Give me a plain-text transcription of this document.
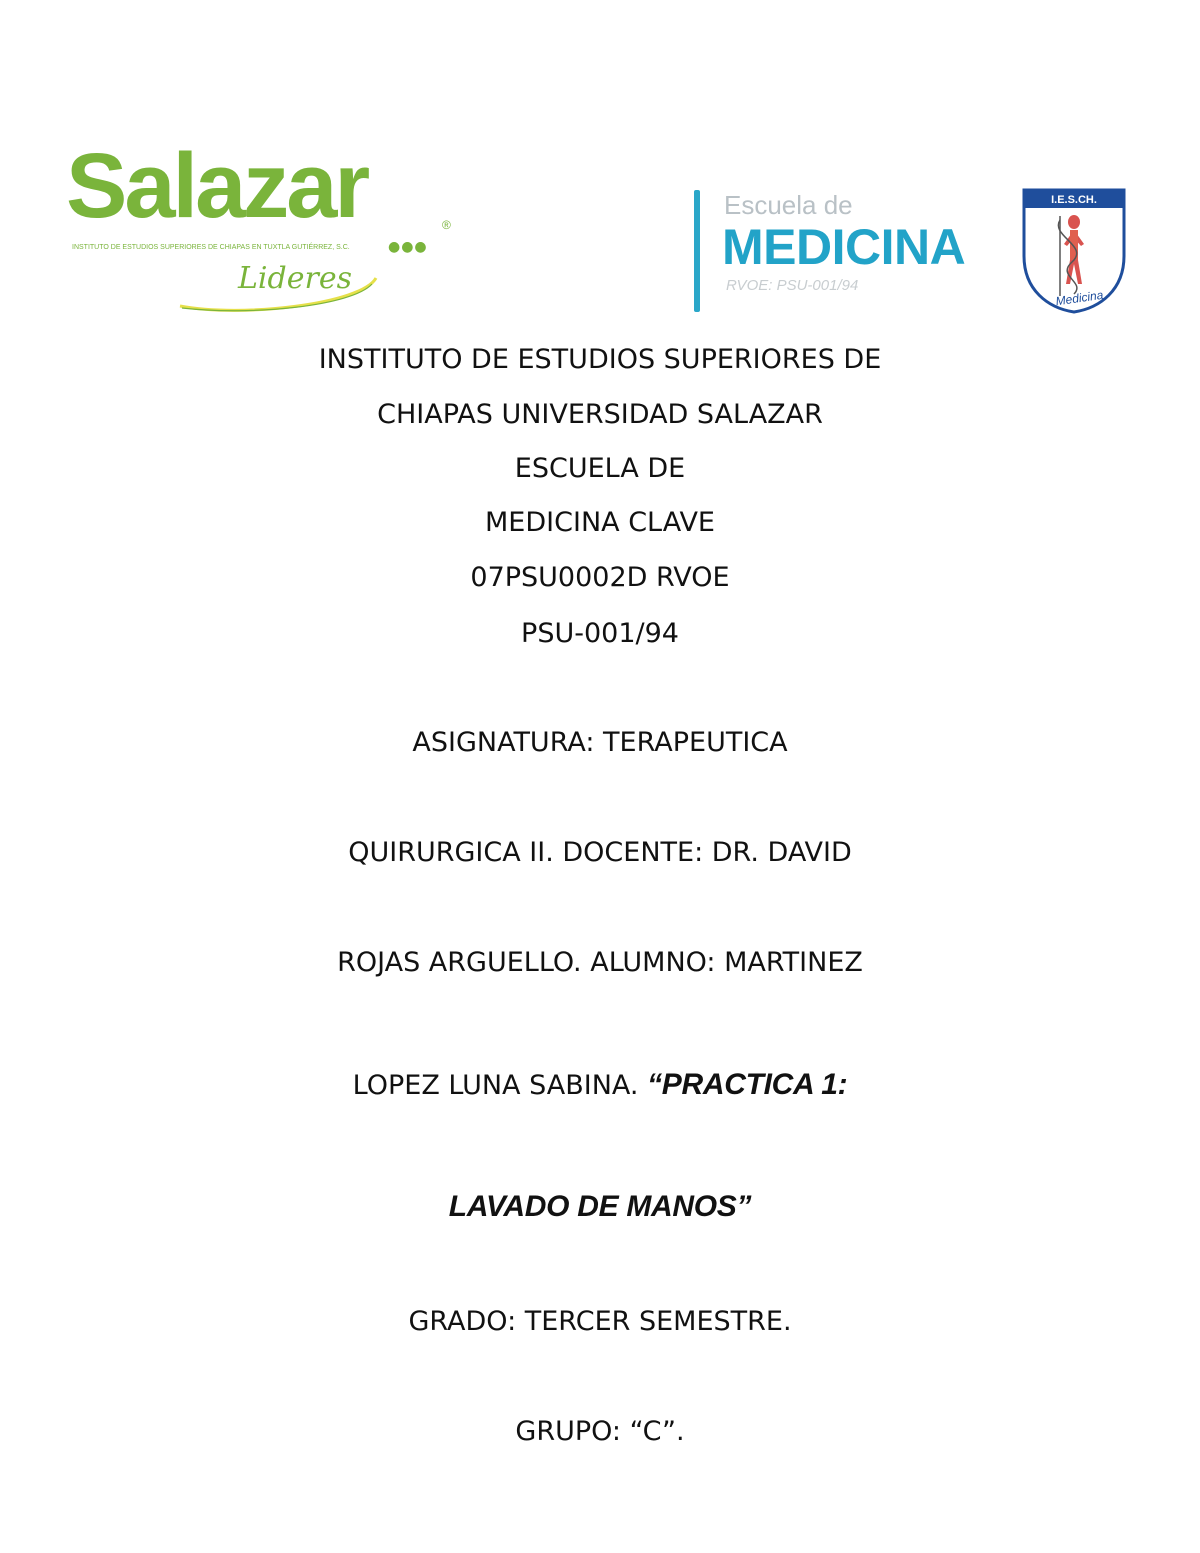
Salazar	®
INSTITUTO DE ESTUDIOS SUPERIORES DE CHIAPAS EN TUXTLA GUTIÉRREZ, S.C.	●●●
Lideres
Escuela de
MEDICINA
RVOE: PSU-001/94
I.E.S.CH.
Medicina
INSTITUTO DE ESTUDIOS SUPERIORES DE
CHIAPAS UNIVERSIDAD SALAZAR
ESCUELA DE
MEDICINA CLAVE
07PSU0002D RVOE
PSU-001/94
ASIGNATURA: TERAPEUTICA
QUIRURGICA II. DOCENTE: DR. DAVID
ROJAS ARGUELLO. ALUMNO: MARTINEZ
LOPEZ LUNA SABINA. “PRACTICA 1:
LAVADO DE MANOS”
GRADO: TERCER SEMESTRE.
GRUPO: “C”.
